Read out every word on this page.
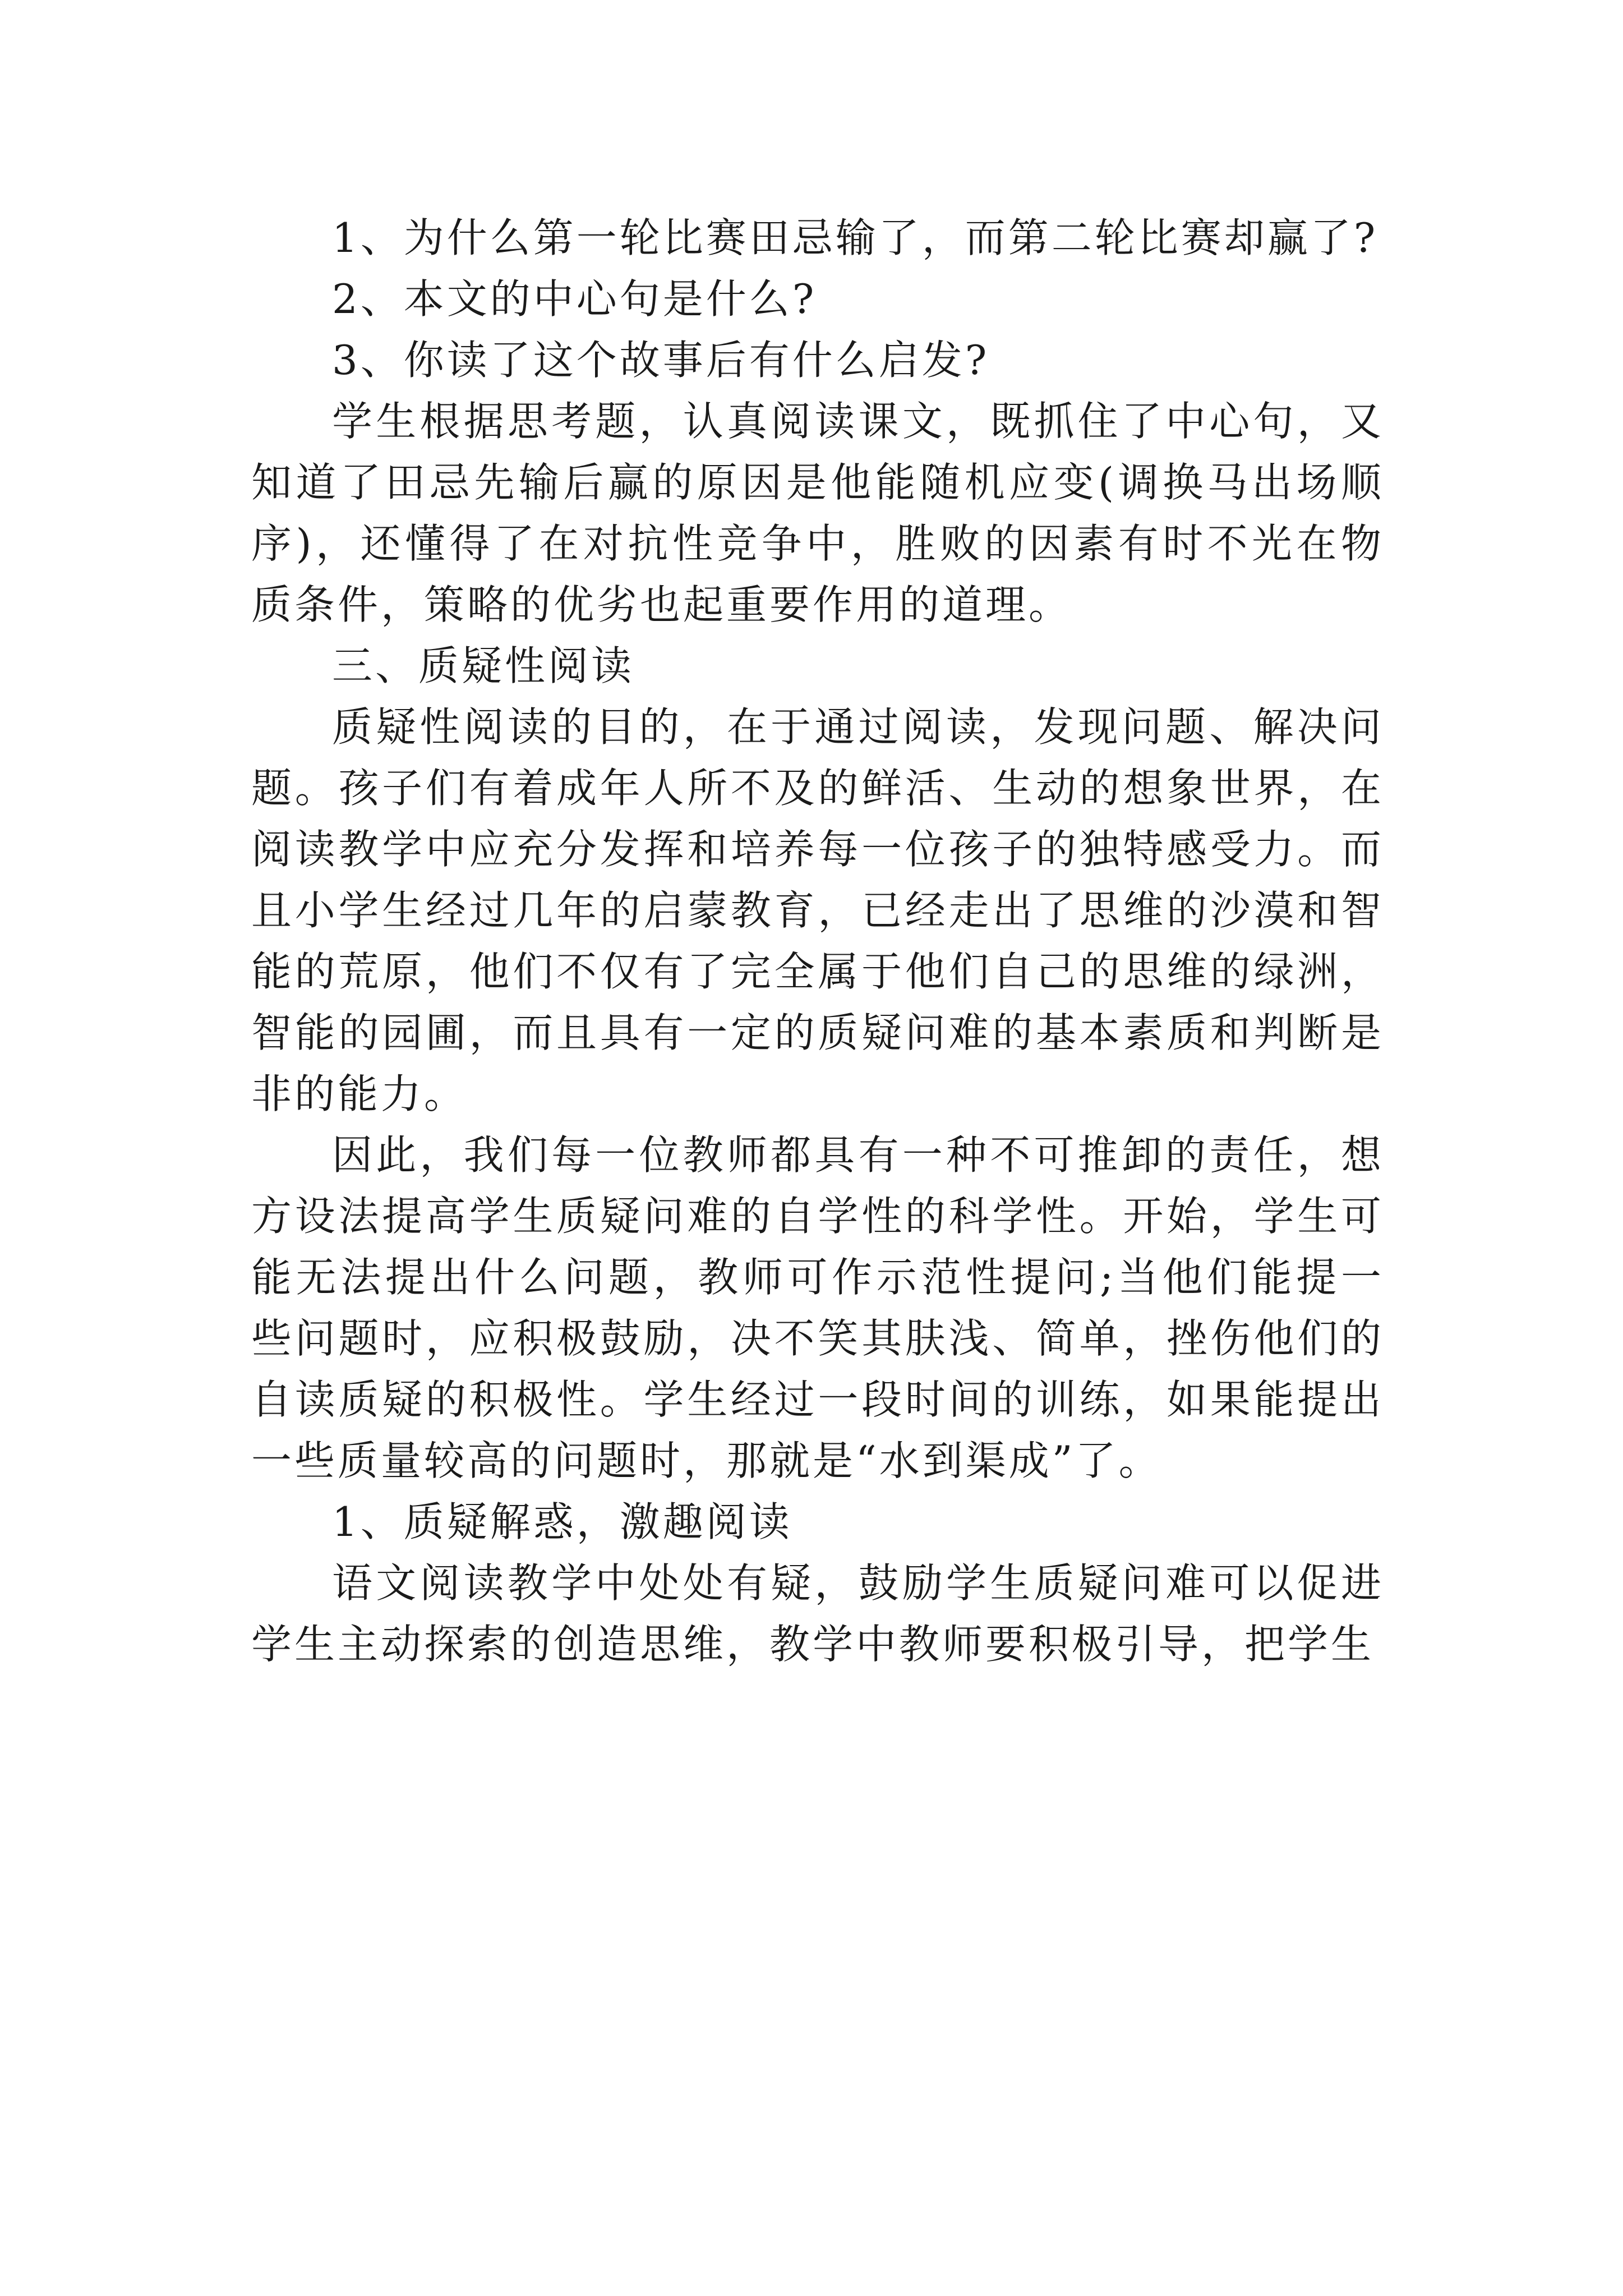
1、为什么第一轮比赛田忌输了，而第二轮比赛却赢了?

2、本文的中心句是什么?

3、你读了这个故事后有什么启发?

学生根据思考题，认真阅读课文，既抓住了中心句，又知道了田忌先输后赢的原因是他能随机应变(调换马出场顺序)，还懂得了在对抗性竞争中，胜败的因素有时不光在物质条件，策略的优劣也起重要作用的道理。

三、质疑性阅读

质疑性阅读的目的，在于通过阅读，发现问题、解决问题。孩子们有着成年人所不及的鲜活、生动的想象世界，在阅读教学中应充分发挥和培养每一位孩子的独特感受力。而且小学生经过几年的启蒙教育，已经走出了思维的沙漠和智能的荒原，他们不仅有了完全属于他们自己的思维的绿洲，智能的园圃，而且具有一定的质疑问难的基本素质和判断是非的能力。

因此，我们每一位教师都具有一种不可推卸的责任，想方设法提高学生质疑问难的自学性的科学性。开始，学生可能无法提出什么问题，教师可作示范性提问;当他们能提一些问题时，应积极鼓励，决不笑其肤浅、简单，挫伤他们的自读质疑的积极性。学生经过一段时间的训练，如果能提出一些质量较高的问题时，那就是“水到渠成”了。

1、质疑解惑，激趣阅读

语文阅读教学中处处有疑，鼓励学生质疑问难可以促进学生主动探索的创造思维，教学中教师要积极引导，把学生
